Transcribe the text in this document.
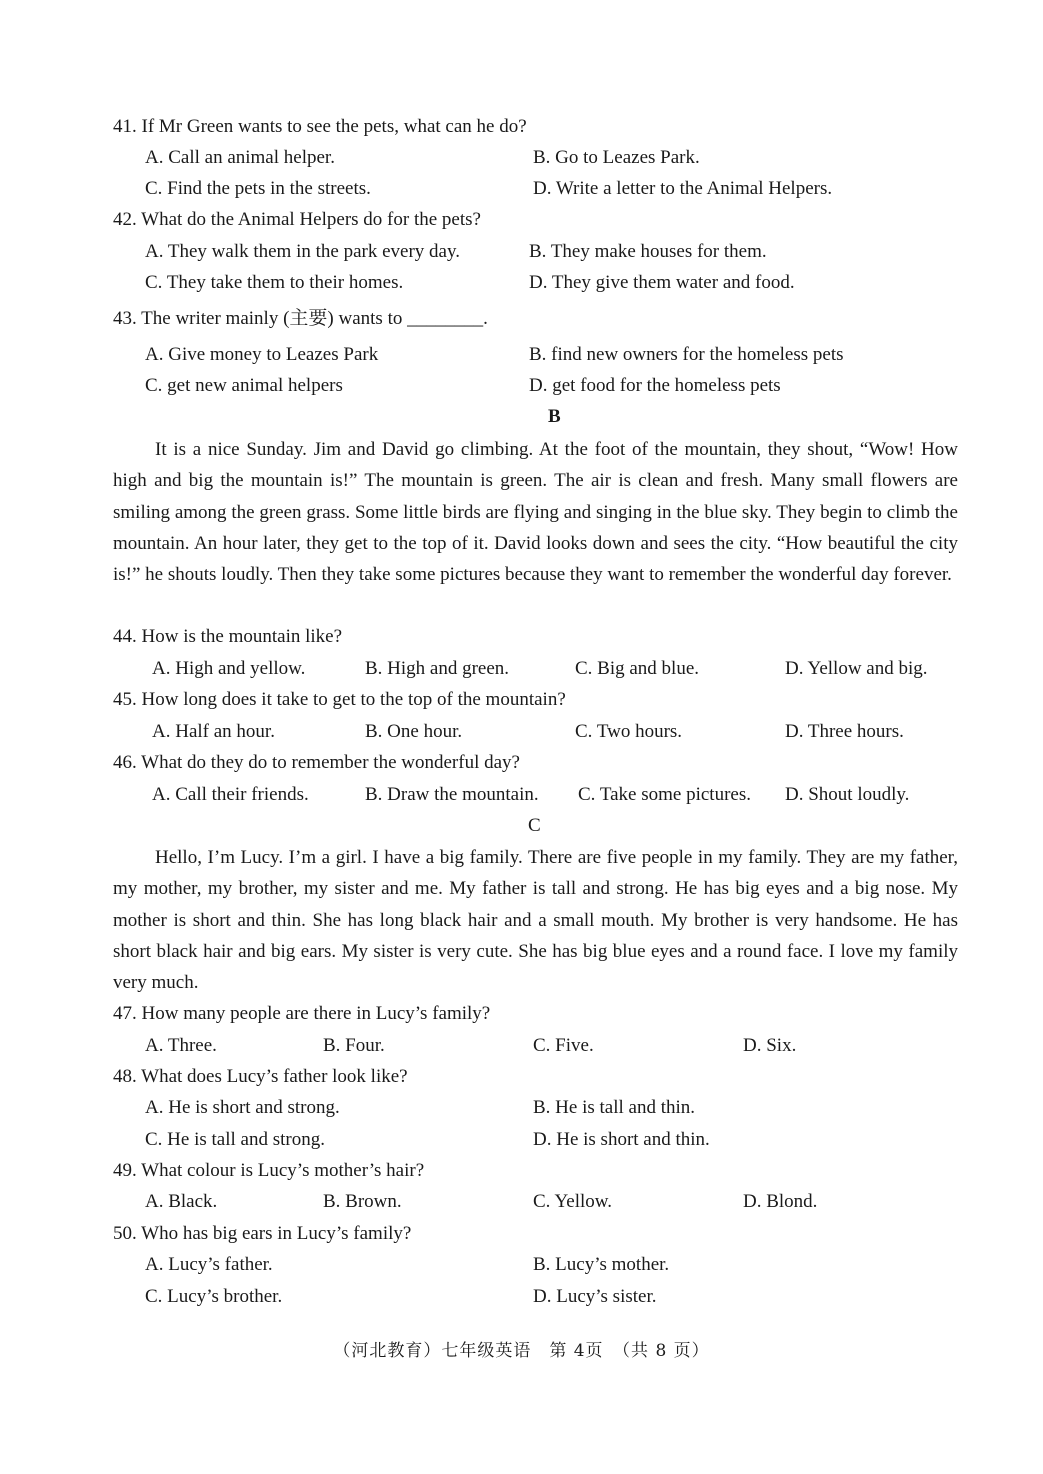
41. If Mr Green wants to see the pets, what can he do?
A. Call an animal helper.	B. Go to Leazes Park.
C. Find the pets in the streets.	D. Write a letter to the Animal Helpers.
42. What do the Animal Helpers do for the pets?
A. They walk them in the park every day.	B. They make houses for them.
C. They take them to their homes.	D. They give them water and food.
43. The writer mainly (主要) wants to ________.
A. Give money to Leazes Park	B. find new owners for the homeless pets
C. get new animal helpers	D. get food for the homeless pets
B
It is a nice Sunday. Jim and David go climbing. At the foot of the mountain, they shout, “Wow! How high and big the mountain is!” The mountain is green. The air is clean and fresh. Many small flowers are smiling among the green grass. Some little birds are flying and singing in the blue sky. They begin to climb the mountain. An hour later, they get to the top of it. David looks down and sees the city. “How beautiful the city is!” he shouts loudly. Then they take some pictures because they want to remember the wonderful day forever.
44. How is the mountain like?
A. High and yellow.	B. High and green.	C. Big and blue.	D. Yellow and big.
45. How long does it take to get to the top of the mountain?
A. Half an hour.	B. One hour.	C. Two hours.	D. Three hours.
46. What do they do to remember the wonderful day?
A. Call their friends.	B. Draw the mountain. C. Take some pictures. D. Shout loudly.
C
Hello, I’m Lucy. I’m a girl. I have a big family. There are five people in my family. They are my father, my mother, my brother, my sister and me. My father is tall and strong. He has big eyes and a big nose. My mother is short and thin. She has long black hair and a small mouth. My brother is very handsome. He has short black hair and big ears. My sister is very cute. She has big blue eyes and a round face. I love my family very much.
47. How many people are there in Lucy’s family?
A. Three.	B. Four.	C. Five.	D. Six.
48. What does Lucy’s father look like?
A. He is short and strong.	B. He is tall and thin.
C. He is tall and strong.	D. He is short and thin.
49. What colour is Lucy’s mother’s hair?
A. Black.	B. Brown.	C. Yellow.	D. Blond.
50. Who has big ears in Lucy’s family?
A. Lucy’s father.	B. Lucy’s mother.
C. Lucy’s brother.	D. Lucy’s sister.
（河北教育）七年级英语　第 4页　（共 8 页）
